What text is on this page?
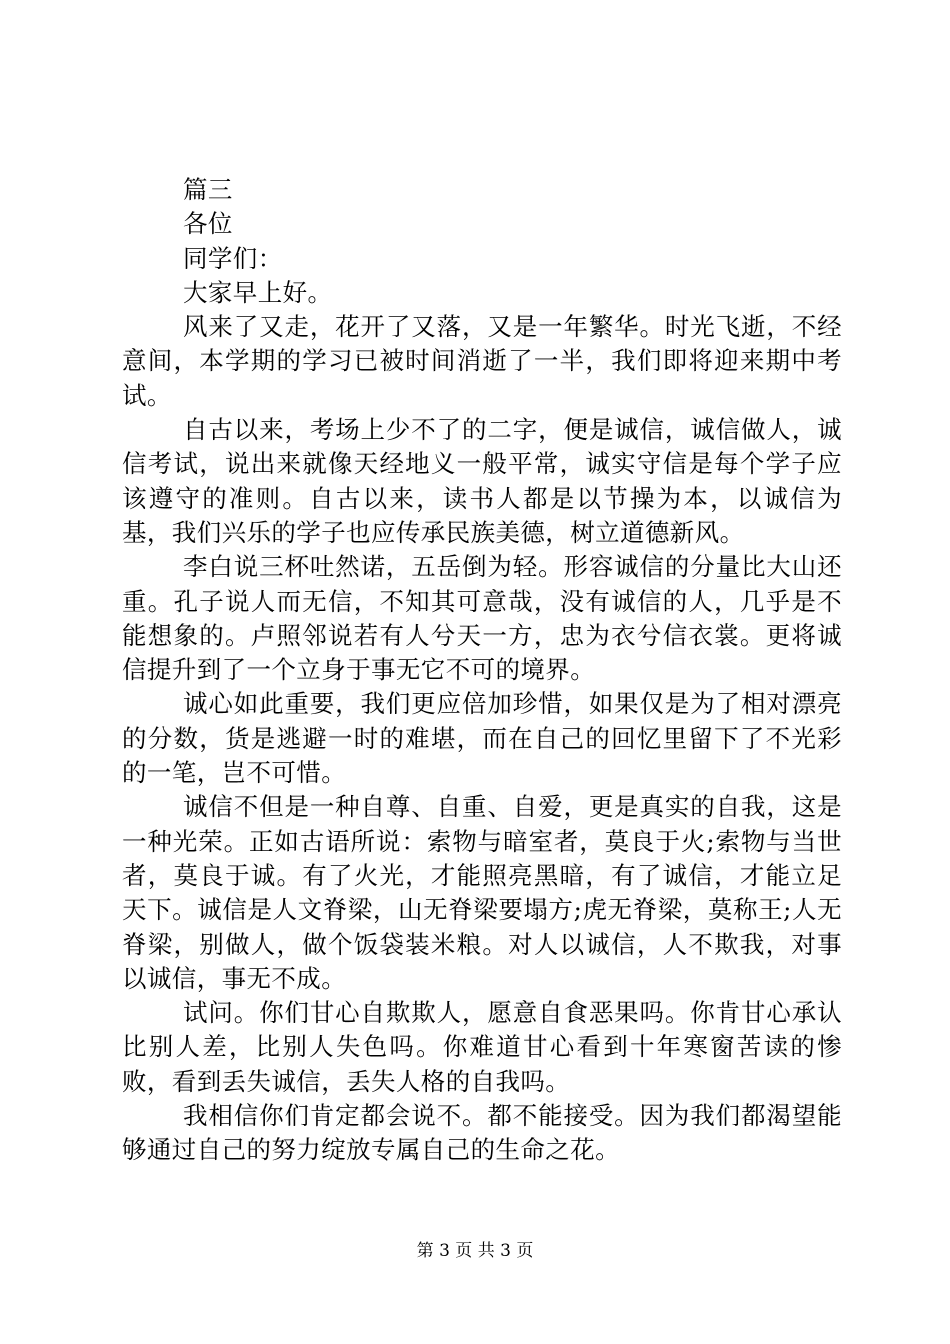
篇三

各位

同学们：

大家早上好。

风来了又走，花开了又落，又是一年繁华。时光飞逝，不经意间，本学期的学习已被时间消逝了一半，我们即将迎来期中考试。

自古以来，考场上少不了的二字，便是诚信，诚信做人，诚信考试，说出来就像天经地义一般平常，诚实守信是每个学子应该遵守的准则。自古以来，读书人都是以节操为本，以诚信为基，我们兴乐的学子也应传承民族美德，树立道德新风。

李白说三杯吐然诺，五岳倒为轻。形容诚信的分量比大山还重。孔子说人而无信，不知其可意哉，没有诚信的人，几乎是不能想象的。卢照邻说若有人兮天一方，忠为衣兮信衣裳。更将诚信提升到了一个立身于事无它不可的境界。

诚心如此重要，我们更应倍加珍惜，如果仅是为了相对漂亮的分数，货是逃避一时的难堪，而在自己的回忆里留下了不光彩的一笔，岂不可惜。

诚信不但是一种自尊、自重、自爱，更是真实的自我，这是一种光荣。正如古语所说：索物与暗室者，莫良于火;索物与当世者，莫良于诚。有了火光，才能照亮黑暗，有了诚信，才能立足天下。诚信是人文脊梁，山无脊梁要塌方;虎无脊梁，莫称王;人无脊梁，别做人，做个饭袋装米粮。对人以诚信，人不欺我，对事以诚信，事无不成。

试问。你们甘心自欺欺人，愿意自食恶果吗。你肯甘心承认比别人差，比别人失色吗。你难道甘心看到十年寒窗苦读的惨败，看到丢失诚信，丢失人格的自我吗。

我相信你们肯定都会说不。都不能接受。因为我们都渴望能够通过自己的努力绽放专属自己的生命之花。

第 3 页 共 3 页
